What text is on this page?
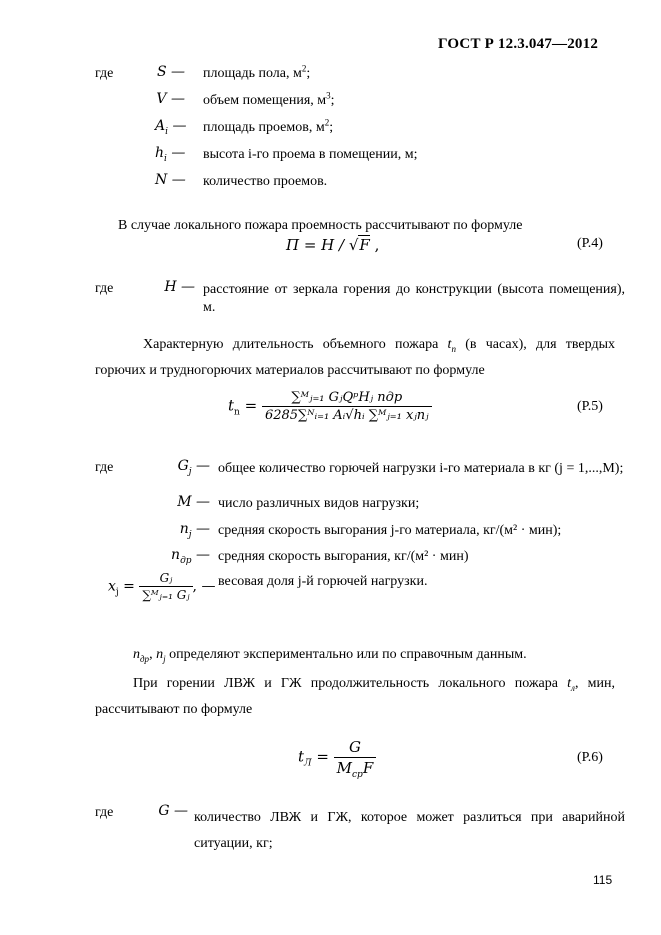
ГОСТ Р 12.3.047—2012
где	S — площадь пола, $м^2$;
V — объем помещения, $м^3$;
$A_i$ — площадь проемов, $м^2$;
$h_i$ — высота i-го проема в помещении, м;
N — количество проемов.
В случае локального пожара проемность рассчитывают по формуле
П = H / √F ,	(Р.4)
где	H — расстояние от зеркала горения до конструкции (высота помещения), м.
Характерную длительность объемного пожара $t_n$ (в часах), для твердых горючих и трудногорючих материалов рассчитывают по формуле
$t_n = \frac{\text{∑ᴹⱼ₌₁ GⱼQᵖHⱼ nдр}}{\text{6285∑ᴺᵢ₌₁ Aᵢ√hᵢ ∑ᴹⱼ₌₁ xⱼnⱼ}}$	(Р.5)
где	$G_j$ — общее количество горючей нагрузки i-го материала в кг (j = 1,...,M);
M — число различных видов нагрузки;
$n_j$ — средняя скорость выгорания j-го материала, кг/(м² · мин);
$n_{др}$ — средняя скорость выгорания, кг/(м² · мин)
$x_j = \frac{\text{Gⱼ}}{\text{∑ᴹⱼ₌₁ Gⱼ}}$ , — весовая доля j-й горючей нагрузки.
$n_{др}$, $n_j$ определяют экспериментально или по справочным данным.
При горении ЛВЖ и ГЖ продолжительность локального пожара $t_л$, мин, рассчитывают по формуле
$t_Л = \frac{G}{M_{ср}F}$	(Р.6)
где	G — количество ЛВЖ и ГЖ, которое может разлиться при аварийной ситуации, кг;
115
